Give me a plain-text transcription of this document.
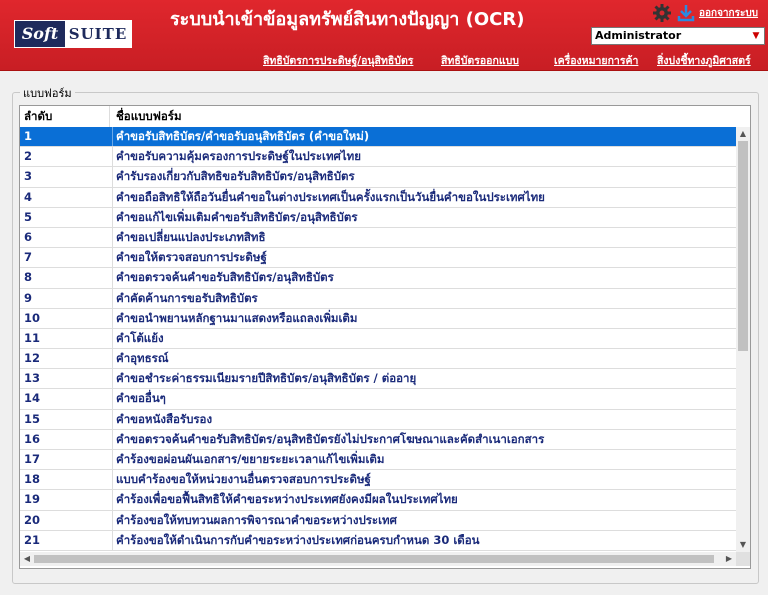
Soft SUITE
ระบบนำเข้าข้อมูลทรัพย์สินทางปัญญา (OCR)	ออกจากระบบ
Administrator	▼
สิทธิบัตรการประดิษฐ์/อนุสิทธิบัตร	สิทธิบัตรออกแบบ	เครื่องหมายการค้า สิ่งบ่งชี้ทางภูมิศาสตร์
แบบฟอร์ม
ลำดับ	ชื่อแบบฟอร์ม
1	คำขอรับสิทธิบัตร/คำขอรับอนุสิทธิบัตร (คำขอใหม่)
2	คำขอรับความคุ้มครองการประดิษฐ์ในประเทศไทย
3	คำรับรองเกี่ยวกับสิทธิขอรับสิทธิบัตร/อนุสิทธิบัตร
4	คำขอถือสิทธิให้ถือวันยื่นคำขอในต่างประเทศเป็นครั้งแรกเป็นวันยื่นคำขอในประเทศไทย
5	คำขอแก้ไขเพิ่มเติมคำขอรับสิทธิบัตร/อนุสิทธิบัตร
6	คำขอเปลี่ยนแปลงประเภทสิทธิ
7	คำขอให้ตรวจสอบการประดิษฐ์
8	คำขอตรวจค้นคำขอรับสิทธิบัตร/อนุสิทธิบัตร
9	คำคัดค้านการขอรับสิทธิบัตร
10	คำขอนำพยานหลักฐานมาแสดงหรือแถลงเพิ่มเติม
11	คำโต้แย้ง
12	คำอุทธรณ์
13	คำขอชำระค่าธรรมเนียมรายปีสิทธิบัตร/อนุสิทธิบัตร / ต่ออายุ
14	คำขออื่นๆ
15	คำขอหนังสือรับรอง
16	คำขอตรวจค้นคำขอรับสิทธิบัตร/อนุสิทธิบัตรยังไม่ประกาศโฆษณาและคัดสำเนาเอกสาร
17	คำร้องขอผ่อนผันเอกสาร/ขยายระยะเวลาแก้ไขเพิ่มเติม
18	แบบคำร้องขอให้หน่วยงานอื่นตรวจสอบการประดิษฐ์
19	คำร้องเพื่อขอฟื้นสิทธิให้คำขอระหว่างประเทศยังคงมีผลในประเทศไทย
20	คำร้องขอให้ทบทวนผลการพิจารณาคำขอระหว่างประเทศ
21	คำร้องขอให้ดำเนินการกับคำขอระหว่างประเทศก่อนครบกำหนด 30 เดือน
▲
▼
◀	▶
